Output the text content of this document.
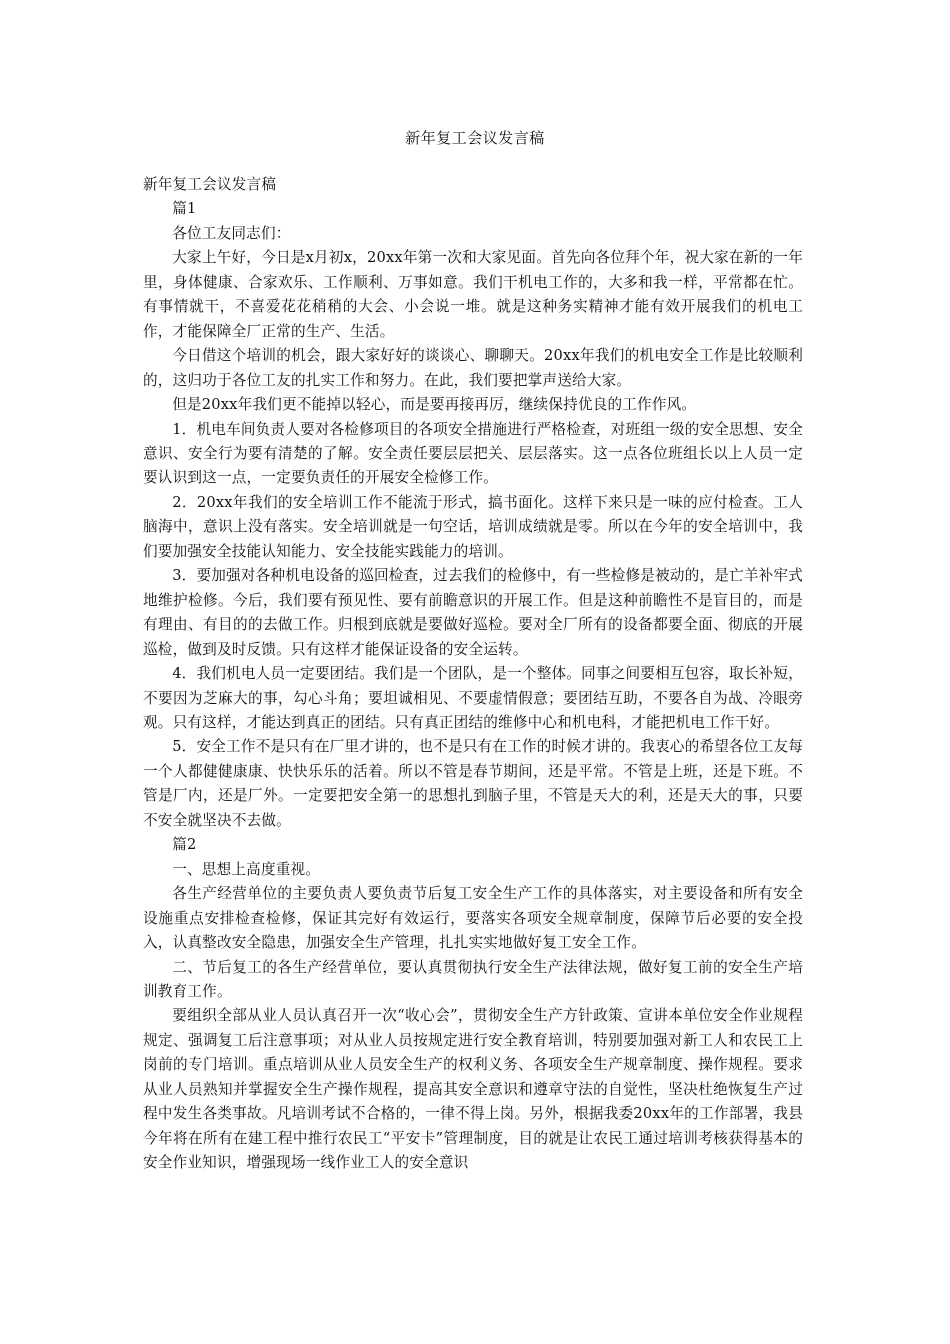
新年复工会议发言稿

新年复工会议发言稿

篇1

各位工友同志们：

大家上午好，今日是x月初x，20xx年第一次和大家见面。首先向各位拜个年，祝大家在新的一年里，身体健康、合家欢乐、工作顺利、万事如意。我们干机电工作的，大多和我一样，平常都在忙。有事情就干，不喜爱花花稍稍的大会、小会说一堆。就是这种务实精神才能有效开展我们的机电工作，才能保障全厂正常的生产、生活。

今日借这个培训的机会，跟大家好好的谈谈心、聊聊天。20xx年我们的机电安全工作是比较顺利的，这归功于各位工友的扎实工作和努力。在此，我们要把掌声送给大家。

但是20xx年我们更不能掉以轻心，而是要再接再厉，继续保持优良的工作作风。

1．机电车间负责人要对各检修项目的各项安全措施进行严格检查，对班组一级的安全思想、安全意识、安全行为要有清楚的了解。安全责任要层层把关、层层落实。这一点各位班组长以上人员一定要认识到这一点，一定要负责任的开展安全检修工作。

2．20xx年我们的安全培训工作不能流于形式，搞书面化。这样下来只是一味的应付检查。工人脑海中，意识上没有落实。安全培训就是一句空话，培训成绩就是零。所以在今年的安全培训中，我们要加强安全技能认知能力、安全技能实践能力的培训。

3．要加强对各种机电设备的巡回检查，过去我们的检修中，有一些检修是被动的，是亡羊补牢式地维护检修。今后，我们要有预见性、要有前瞻意识的开展工作。但是这种前瞻性不是盲目的，而是有理由、有目的的去做工作。归根到底就是要做好巡检。要对全厂所有的设备都要全面、彻底的开展巡检，做到及时反馈。只有这样才能保证设备的安全运转。

4．我们机电人员一定要团结。我们是一个团队，是一个整体。同事之间要相互包容，取长补短，不要因为芝麻大的事，勾心斗角；要坦诚相见、不要虚情假意；要团结互助，不要各自为战、冷眼旁观。只有这样，才能达到真正的团结。只有真正团结的维修中心和机电科，才能把机电工作干好。

5．安全工作不是只有在厂里才讲的，也不是只有在工作的时候才讲的。我衷心的希望各位工友每一个人都健健康康、快快乐乐的活着。所以不管是春节期间，还是平常。不管是上班，还是下班。不管是厂内，还是厂外。一定要把安全第一的思想扎到脑子里，不管是天大的利，还是天大的事，只要不安全就坚决不去做。

篇2

一、思想上高度重视。

各生产经营单位的主要负责人要负责节后复工安全生产工作的具体落实，对主要设备和所有安全设施重点安排检查检修，保证其完好有效运行，要落实各项安全规章制度，保障节后必要的安全投入，认真整改安全隐患，加强安全生产管理，扎扎实实地做好复工安全工作。

二、节后复工的各生产经营单位，要认真贯彻执行安全生产法律法规，做好复工前的安全生产培训教育工作。

要组织全部从业人员认真召开一次“收心会”，贯彻安全生产方针政策、宣讲本单位安全作业规程规定、强调复工后注意事项；对从业人员按规定进行安全教育培训，特别要加强对新工人和农民工上岗前的专门培训。重点培训从业人员安全生产的权利义务、各项安全生产规章制度、操作规程。要求从业人员熟知并掌握安全生产操作规程，提高其安全意识和遵章守法的自觉性，坚决杜绝恢复生产过程中发生各类事故。凡培训考试不合格的，一律不得上岗。另外，根据我委20xx年的工作部署，我县今年将在所有在建工程中推行农民工“平安卡”管理制度，目的就是让农民工通过培训考核获得基本的安全作业知识，增强现场一线作业工人的安全意识
